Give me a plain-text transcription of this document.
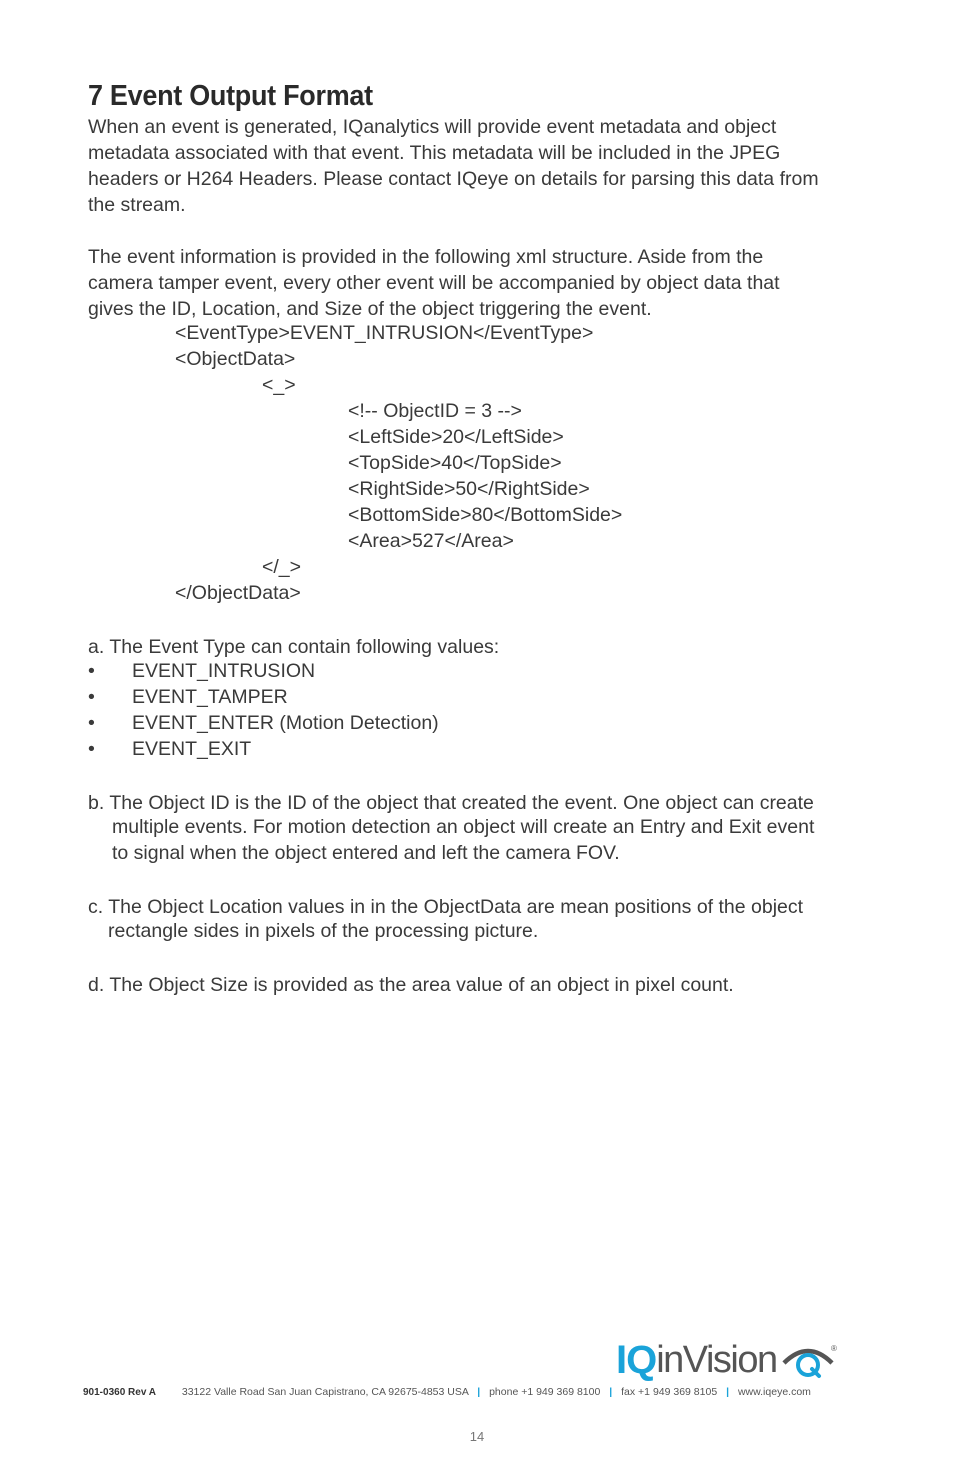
7 Event Output Format
When an event is generated, IQanalytics will provide event metadata and object
metadata associated with that event. This metadata will be included in the JPEG
headers or H264 Headers. Please contact IQeye on details for parsing this data from
the stream.
The event information is provided in the following xml structure. Aside from the
camera tamper event, every other event will be accompanied by object data that
gives the ID, Location, and Size of the object triggering the event.
<EventType>EVENT_INTRUSION</EventType>
<ObjectData>
<_>
<!-- ObjectID = 3 -->
<LeftSide>20</LeftSide>
<TopSide>40</TopSide>
<RightSide>50</RightSide>
<BottomSide>80</BottomSide>
<Area>527</Area>
</_>
</ObjectData>
a. The Event Type can contain following values:
• EVENT_INTRUSION
• EVENT_TAMPER
• EVENT_ENTER (Motion Detection)
• EVENT_EXIT
b. The Object ID is the ID of the object that created the event. One object can create
multiple events. For motion detection an object will create an Entry and Exit event
to signal when the object entered and left the camera FOV.
c. The Object Location values in in the ObjectData are mean positions of the object
rectangle sides in pixels of the processing picture.
d. The Object Size is provided as the area value of an object in pixel count.
IQinVision	®
901-0360 Rev A 33122 Valle Road San Juan Capistrano, CA 92675-4853 USA | phone +1 949 369 8100 | fax +1 949 369 8105 | www.iqeye.com
14
